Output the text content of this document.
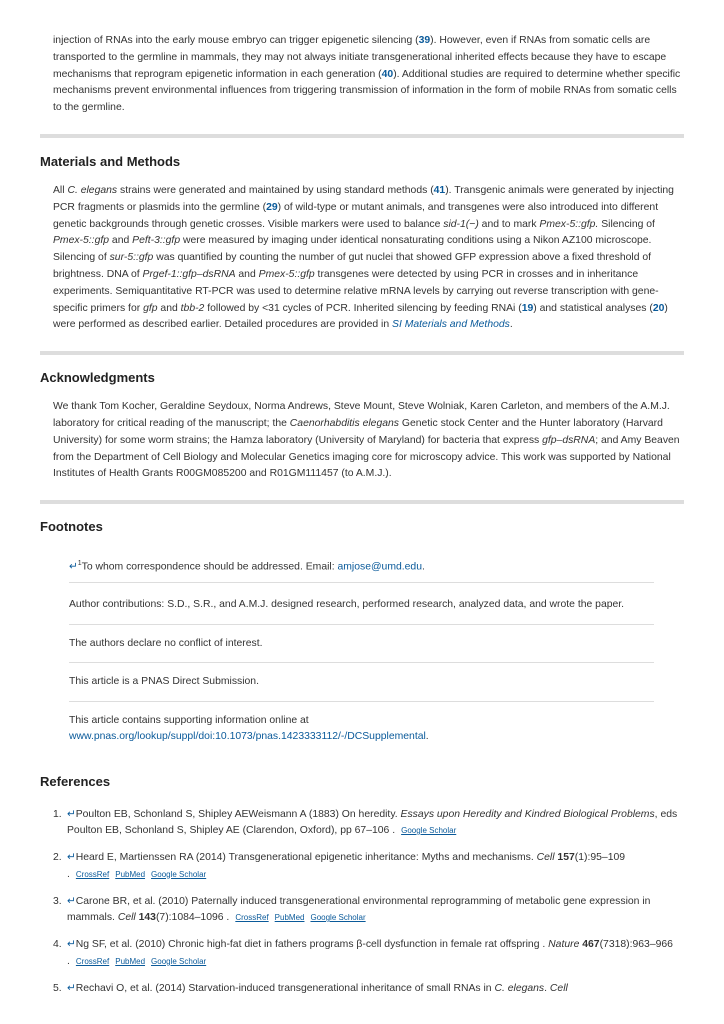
injection of RNAs into the early mouse embryo can trigger epigenetic silencing (39). However, even if RNAs from somatic cells are transported to the germline in mammals, they may not always initiate transgenerational inherited effects because they have to escape mechanisms that reprogram epigenetic information in each generation (40). Additional studies are required to determine whether specific mechanisms prevent environmental influences from triggering transmission of information in the form of mobile RNAs from somatic cells to the germline.

Materials and Methods

All C. elegans strains were generated and maintained by using standard methods (41). Transgenic animals were generated by injecting PCR fragments or plasmids into the germline (29) of wild-type or mutant animals, and transgenes were also introduced into different genetic backgrounds through genetic crosses. Visible markers were used to balance sid-1(−) and to mark Pmex-5::gfp. Silencing of Pmex-5::gfp and Peft-3::gfp were measured by imaging under identical nonsaturating conditions using a Nikon AZ100 microscope. Silencing of sur-5::gfp was quantified by counting the number of gut nuclei that showed GFP expression above a fixed threshold of brightness. DNA of Prgef-1::gfp–dsRNA and Pmex-5::gfp transgenes were detected by using PCR in crosses and in inheritance experiments. Semiquantitative RT-PCR was used to determine relative mRNA levels by carrying out reverse transcription with gene-specific primers for gfp and tbb-2 followed by <31 cycles of PCR. Inherited silencing by feeding RNAi (19) and statistical analyses (20) were performed as described earlier. Detailed procedures are provided in SI Materials and Methods.

Acknowledgments

We thank Tom Kocher, Geraldine Seydoux, Norma Andrews, Steve Mount, Steve Wolniak, Karen Carleton, and members of the A.M.J. laboratory for critical reading of the manuscript; the Caenorhabditis elegans Genetic stock Center and the Hunter laboratory (Harvard University) for some worm strains; the Hamza laboratory (University of Maryland) for bacteria that express gfp–dsRNA; and Amy Beaven from the Department of Cell Biology and Molecular Genetics imaging core for microscopy advice. This work was supported by National Institutes of Health Grants R00GM085200 and R01GM111457 (to A.M.J.).

Footnotes

↵$^1$To whom correspondence should be addressed. Email: amjose@umd.edu.

Author contributions: S.D., S.R., and A.M.J. designed research, performed research, analyzed data, and wrote the paper.

The authors declare no conflict of interest.

This article is a PNAS Direct Submission.

This article contains supporting information online at www.pnas.org/lookup/suppl/doi:10.1073/pnas.1423333112/-/DCSupplemental.

References
1. ↵Poulton EB, Schonland S, Shipley AEWeismann A (1883) On heredity. Essays upon Heredity and Kindred Biological Problems, eds Poulton EB, Schonland S, Shipley AE (Clarendon, Oxford), pp 67–106 . Google Scholar
2. ↵Heard E, Martienssen RA (2014) Transgenerational epigenetic inheritance: Myths and mechanisms. Cell 157(1):95–109 . CrossRef PubMed Google Scholar
3. ↵Carone BR, et al. (2010) Paternally induced transgenerational environmental reprogramming of metabolic gene expression in mammals. Cell 143(7):1084–1096 . CrossRef PubMed Google Scholar
4. ↵Ng SF, et al. (2010) Chronic high-fat diet in fathers programs β-cell dysfunction in female rat offspring . Nature 467(7318):963–966 . CrossRef PubMed Google Scholar
5. ↵Rechavi O, et al. (2014) Starvation-induced transgenerational inheritance of small RNAs in C. elegans. Cell
